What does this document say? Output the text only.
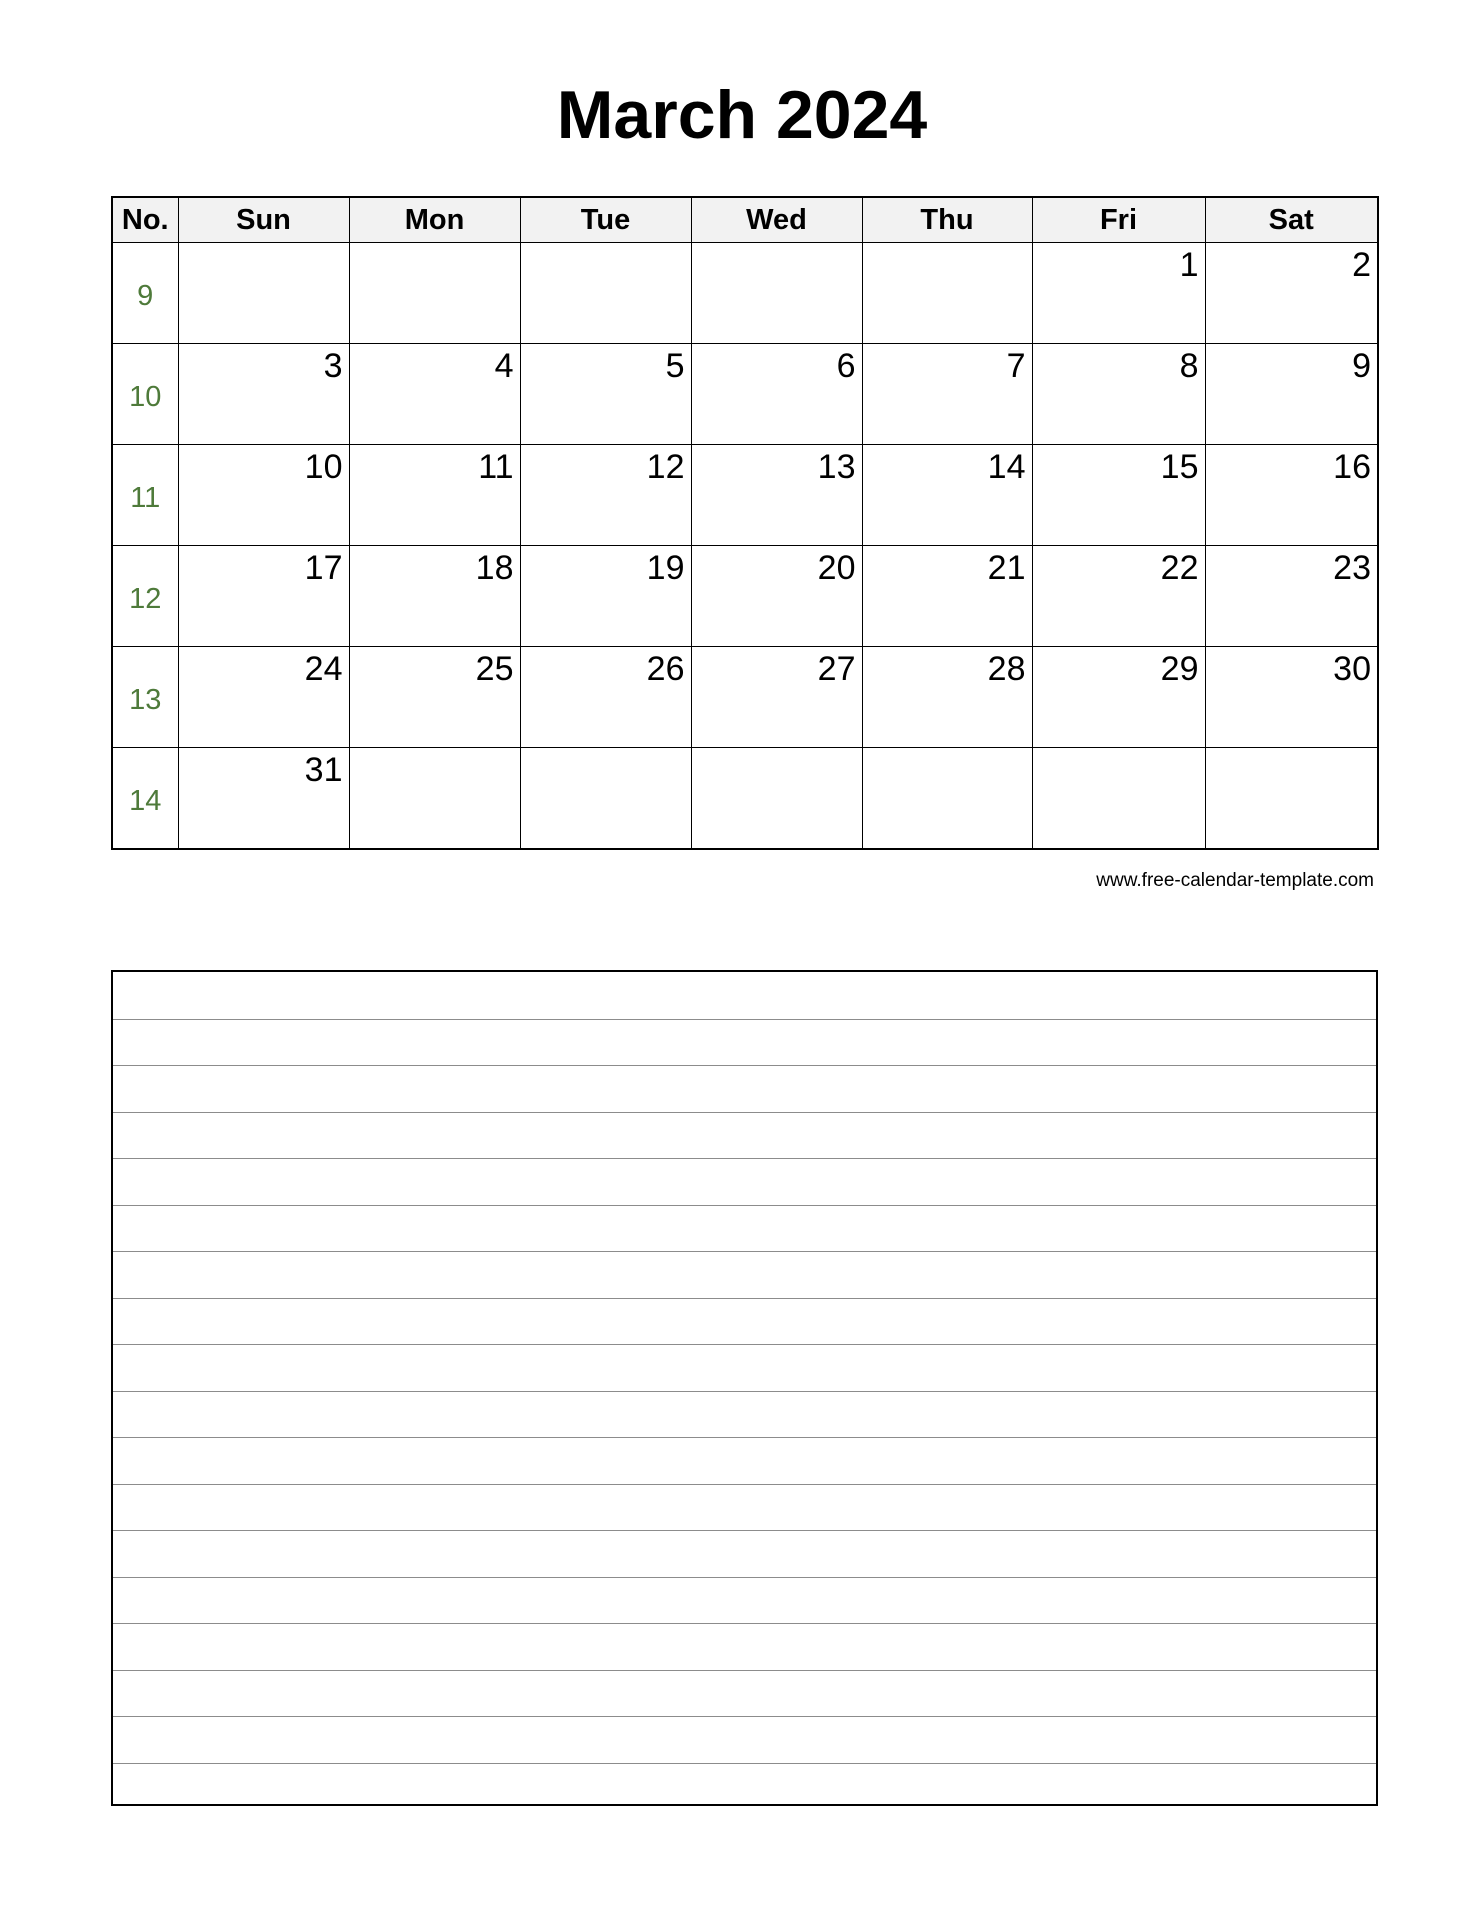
March 2024
No.	Sun	Mon	Tue	Wed	Thu	Fri	Sat
9						1	2

10	3	4	5	6	7	8	9

11	10	11	12	13	14	15	16

12	17	18	19	20	21	22	23

13	24	25	26	27	28	29	30

14	31						

www.free-calendar-template.com
